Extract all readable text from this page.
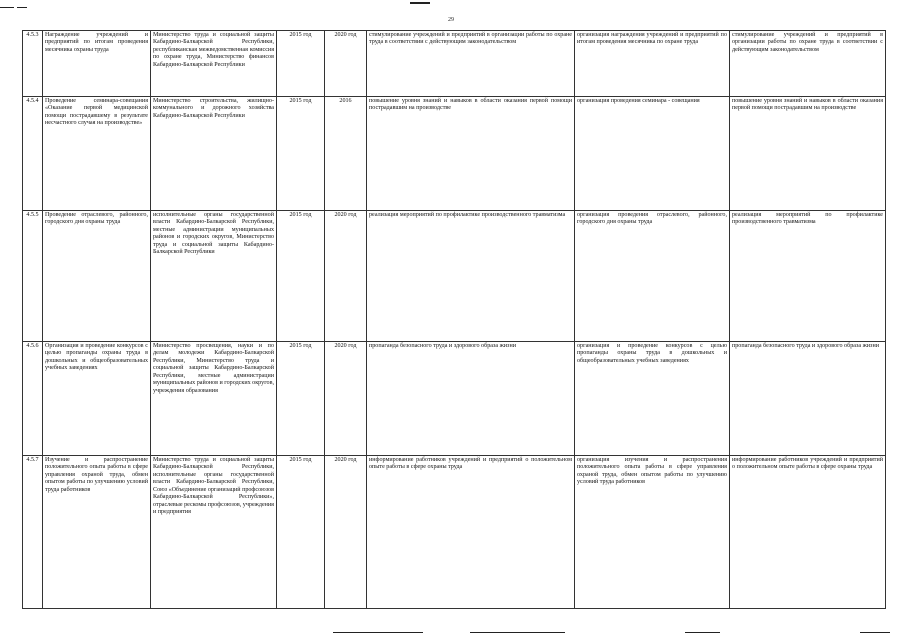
29
4.5.3	Награждение учреждений и предприятий по итогам проведения месячника охраны труда	Министерство труда и социальной защиты Кабардино-Балкарской Республики, республиканская межведомственная комиссия по охране труда, Министерство финансов Кабардино-Балкарской Республики	2015 год	2020 год	стимулирование учреждений и предприятий в организации работы по охране труда в соответствии с действующим законодательством	организация награждения учреждений и предприятий по итогам проведения месячника по охране труда	стимулирование учреждений и предприятий в организации работы по охране труда в соответствии с действующим законодательством
4.5.4	Проведение семинара-совещания «Оказание первой медицинской помощи пострадавшему в результате несчастного случая на производстве»	Министерство строительства, жилищно-коммунального и дорожного хозяйства Кабардино-Балкарской Республики	2015 год	2016	повышение уровня знаний и навыков в области оказания первой помощи пострадавшим на производстве	организация проведения семинара - совещания	повышение уровня знаний и навыков в области оказания первой помощи пострадавшим на производстве
4.5.5	Проведение отраслевого, районного, городского дня охраны труда	исполнительные органы государственной власти Кабардино-Балкарской Республики, местные администрации муниципальных районов и городских округов, Министерство труда и социальной защиты Кабардино-Балкарской Республики	2015 год	2020 год	реализация мероприятий по профилактике производственного травматизма	организация проведения отраслевого, районного, городского дня охраны труда	реализация мероприятий по профилактике производственного травматизма
4.5.6	Организация и проведение конкурсов с целью пропаганды охраны труда в дошкольных и общеобразовательных учебных заведениях	Министерство просвещения, науки и по делам молодежи Кабардино-Балкарской Республики, Министерство труда и социальной защиты Кабардино-Балкарской Республики, местные администрации муниципальных районов и городских округов, учреждения образования	2015 год	2020 год	пропаганда безопасного труда и здорового образа жизни	организация и проведение конкурсов с целью пропаганды охраны труда в дошкольных и общеобразовательных учебных заведениях	пропаганда безопасного труда и здорового образа жизни
4.5.7	Изучение и распространение положительного опыта работы в сфере управления охраной труда, обмен опытом работы по улучшению условий труда работников	Министерство труда и социальной защиты Кабардино-Балкарской Республики, исполнительные органы государственной власти Кабардино-Балкарской Республики, Союз «Объединение организаций профсоюзов Кабардино-Балкарской Республики», отраслевые рескомы профсоюзов, учреждения и предприятия	2015 год	2020 год	информирование работников учреждений и предприятий о положительном опыте работы в сфере охраны труда	организация изучения и распространения положительного опыта работы в сфере управления охраной труда, обмен опытом работы по улучшению условий труда работников	информирование работников учреждений и предприятий о положительном опыте работы в сфере охраны труда
